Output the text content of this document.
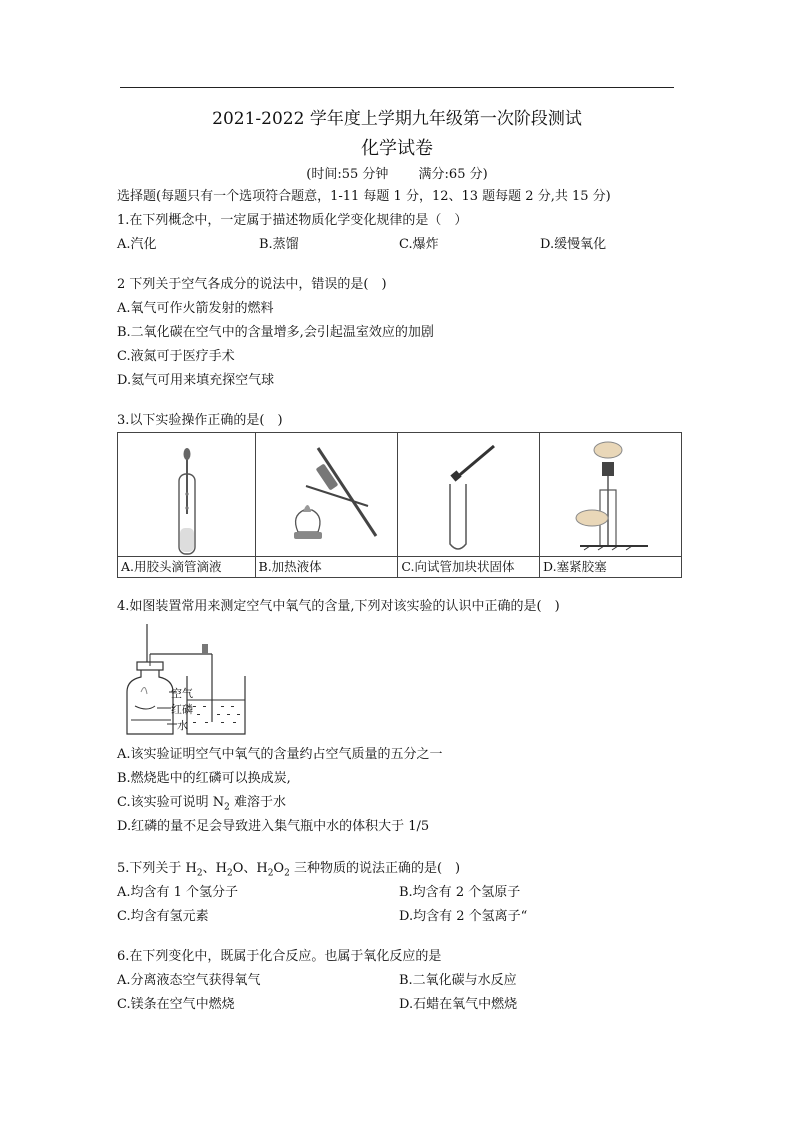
2021-2022 学年度上学期九年级第一次阶段测试
化学试卷
(时间:55 分钟　　 满分:65 分)
选择题(每题只有一个选项符合题意，1-11 每题 1 分，12、13 题每题 2 分,共 15 分)
1.在下列概念中，一定属于描述物质化学变化规律的是（　）
A.汽化	B.蒸馏	C.爆炸	D.缓慢氧化
2 下列关于空气各成分的说法中，错误的是(　)
A.氧气可作火箭发射的燃料
B.二氧化碳在空气中的含量增多,会引起温室效应的加剧
C.液氮可于医疗手术
D.氦气可用来填充探空气球
3.以下实验操作正确的是(　)
A.用胶头滴管滴液	B.加热液体	C.向试管加块状固体	D.塞紧胶塞
4.如图装置常用来测定空气中氧气的含量,下列对该实验的认识中正确的是(　)
空气
红磷
水
A.该实验证明空气中氧气的含量约占空气质量的五分之一
B.燃烧匙中的红磷可以换成炭,
C.该实验可说明 $N_2$ 难溶于水
D.红磷的量不足会导致进入集气瓶中水的体积大于 1/5
5.下列关于 $H_2$、$H_2O$、$H_2O_2$ 三种物质的说法正确的是(　)
A.均含有 1 个氢分子	B.均含有 2 个氢原子
C.均含有氢元素	D.均含有 2 个氢离子“
6.在下列变化中，既属于化合反应。也属于氧化反应的是
A.分离液态空气获得氧气	B.二氧化碳与水反应
C.镁条在空气中燃烧	D.石蜡在氧气中燃烧
